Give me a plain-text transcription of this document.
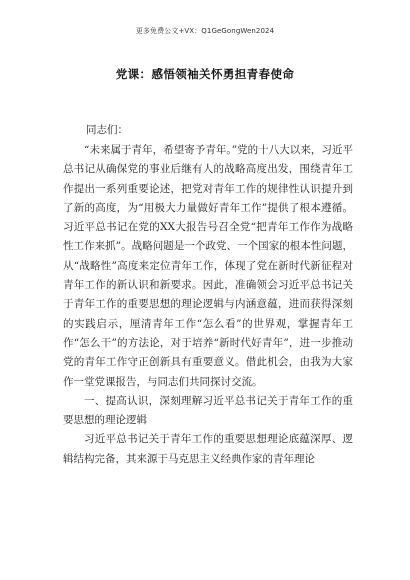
更多免费公文+VX：Q1GeGongWen2024
党课：感悟领袖关怀勇担青春使命
同志们：

“未来属于青年，希望寄予青年。”党的十八大以来，习近平总书记从确保党的事业后继有人的战略高度出发，围绕青年工作提出一系列重要论述，把党对青年工作的规律性认识提升到了新的高度，为“用极大力量做好青年工作”提供了根本遵循。习近平总书记在党的XX大报告号召全党“把青年工作作为战略性工作来抓”。战略问题是一个政党、一个国家的根本性问题，从“战略性”高度来定位青年工作，体现了党在新时代新征程对青年工作的新认识和新要求。因此，准确领会习近平总书记关于青年工作的重要思想的理论逻辑与内涵意蕴，进而获得深刻的实践启示，厘清青年工作“怎么看”的世界观，掌握青年工作“怎么干”的方法论，对于培养“新时代好青年”，进一步推动党的青年工作守正创新具有重要意义。借此机会，由我为大家作一堂党课报告，与同志们共同探讨交流。

一、提高认识，深刻理解习近平总书记关于青年工作的重要思想的理论逻辑

习近平总书记关于青年工作的重要思想理论底蕴深厚、逻辑结构完备，其来源于马克思主义经典作家的青年理论
